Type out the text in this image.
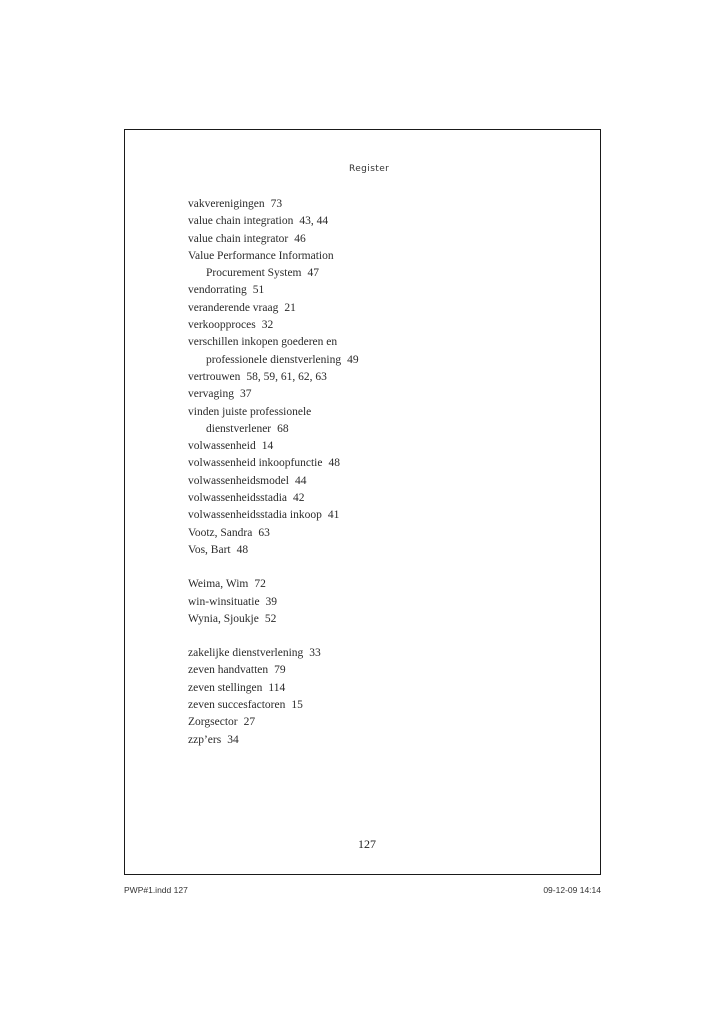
Register
vakverenigingen 73
value chain integration 43, 44
value chain integrator 46
Value Performance Information
Procurement System 47
vendorrating 51
veranderende vraag 21
verkoopproces 32
verschillen inkopen goederen en
professionele dienstverlening 49
vertrouwen 58, 59, 61, 62, 63
vervaging 37
vinden juiste professionele
dienstverlener 68
volwassenheid 14
volwassenheid inkoopfunctie 48
volwassenheidsmodel 44
volwassenheidsstadia 42
volwassenheidsstadia inkoop 41
Vootz, Sandra 63
Vos, Bart 48
Weima, Wim 72
win-winsituatie 39
Wynia, Sjoukje 52
zakelijke dienstverlening 33
zeven handvatten 79
zeven stellingen 114
zeven succesfactoren 15
Zorgsector 27
zzp’ers 34
127
PWP#1.indd 127	09-12-09 14:14
